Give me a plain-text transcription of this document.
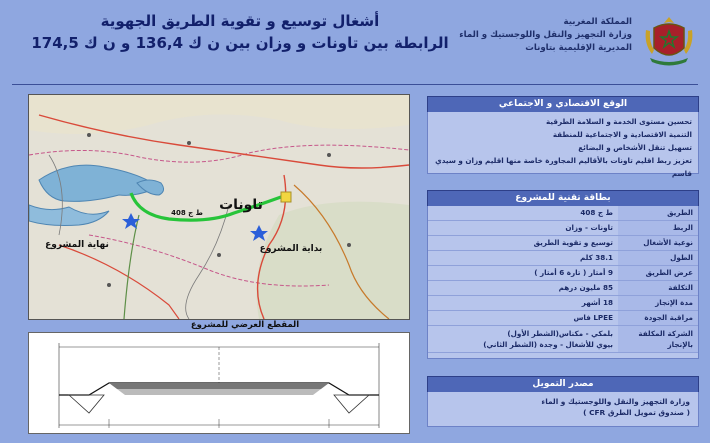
المملكة المغربية
وزارة التجهيز والنقل واللوجستيك و الماء
المديرية الإقليمية بتاونات
أشغال توسيع و تقوية الطريق الجهوية
الرابطة بين تاونات و وزان بين ن ك 136,4 و ن ك 174,5
تاونات
ط ج 408
بداية المشروع
نهاية المشروع
المقطع العرضي للمشروع
الوقع الاقتصادي و الاجتماعي
تحسين مستوى الخدمة و السلامة الطرقية
التنمية الاقتصادية و الاجتماعية للمنطقة
تسهيل تنقل الأشخاص و البضائع
تعزيز ربط اقليم تاونات بالأقاليم المجاورة خاصة منها اقليم وزان و سيدي قاسم
بطاقة تقنية للمشروع
الطريق	ط ج 408
الربط	تاونات - وزان
نوعية الأشغال	توسيع و تقوية الطريق
الطول	38.1 كلم
عرض الطريق	9 أمتار ( تارة 6 أمتار )
التكلفة	85 مليون درهم
مدة الإنجاز	18 أشهر
مراقبة الجودة	LPEE فاس
الشركة المكلفة بالإنجاز	بلمكي - مكناس(الشطر الأول)
بيوي للأشغال - وجدة (الشطر الثاني)
مصدر التمويل
وزارة التجهيز والنقل واللوجستيك و الماء
( صندوق تمويل الطرق CFR )
